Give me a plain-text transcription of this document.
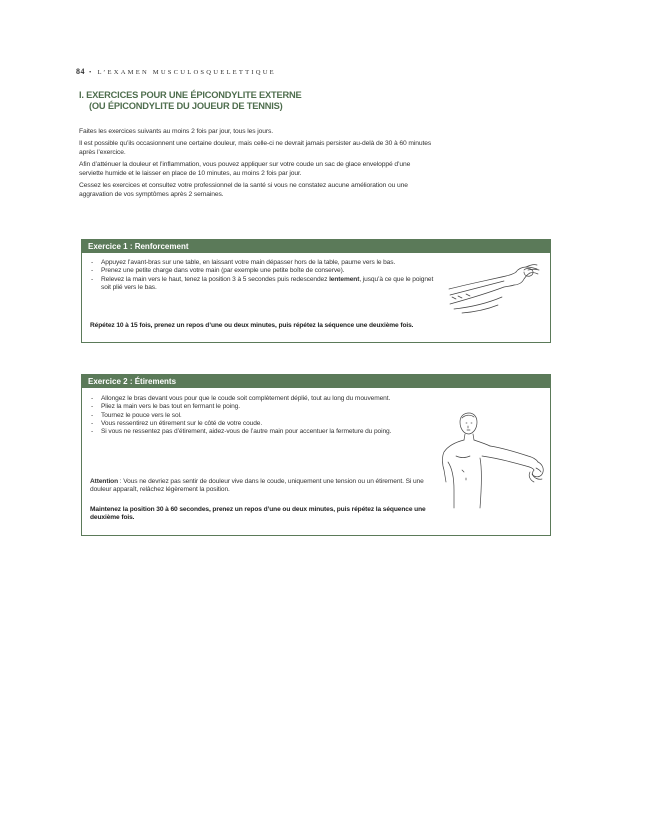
84 • L’EXAMEN MUSCULOSQUELETTIQUE
I. EXERCICES POUR UNE ÉPICONDYLITE EXTERNE
(OU ÉPICONDYLITE DU JOUEUR DE TENNIS)

Faites les exercices suivants au moins 2 fois par jour, tous les jours.

Il est possible qu’ils occasionnent une certaine douleur, mais celle-ci ne devrait jamais persister au-delà de 30 à 60 minutes après l’exercice.

Afin d’atténuer la douleur et l’inflammation, vous pouvez appliquer sur votre coude un sac de glace enveloppé d’une serviette humide et le laisser en place de 10 minutes, au moins 2 fois par jour.

Cessez les exercices et consultez votre professionnel de la santé si vous ne constatez aucune amélioration ou une aggravation de vos symptômes après 2 semaines.

Exercice 1 : Renforcement
- Appuyez l’avant-bras sur une table, en laissant votre main dépasser hors de la table, paume vers le bas.
- Prenez une petite charge dans votre main (par exemple une petite boîte de conserve).
- Relevez la main vers le haut, tenez la position 3 à 5 secondes puis redescendez lentement, jusqu’à ce que le poignet soit plié vers le bas.
Répétez 10 à 15 fois, prenez un repos d’une ou deux minutes, puis répétez la séquence une deuxième fois.
Exercice 2 : Étirements
- Allongez le bras devant vous pour que le coude soit complètement déplié, tout au long du mouvement.
- Pliez la main vers le bas tout en fermant le poing.
- Tournez le pouce vers le sol.
- Vous ressentirez un étirement sur le côté de votre coude.
- Si vous ne ressentez pas d’étirement, aidez-vous de l’autre main pour accentuer la fermeture du poing.
Attention : Vous ne devriez pas sentir de douleur vive dans le coude, uniquement une tension ou un étirement. Si une douleur apparaît, relâchez légèrement la position.
Maintenez la position 30 à 60 secondes, prenez un repos d’une ou deux minutes, puis répétez la séquence une deuxième fois.
